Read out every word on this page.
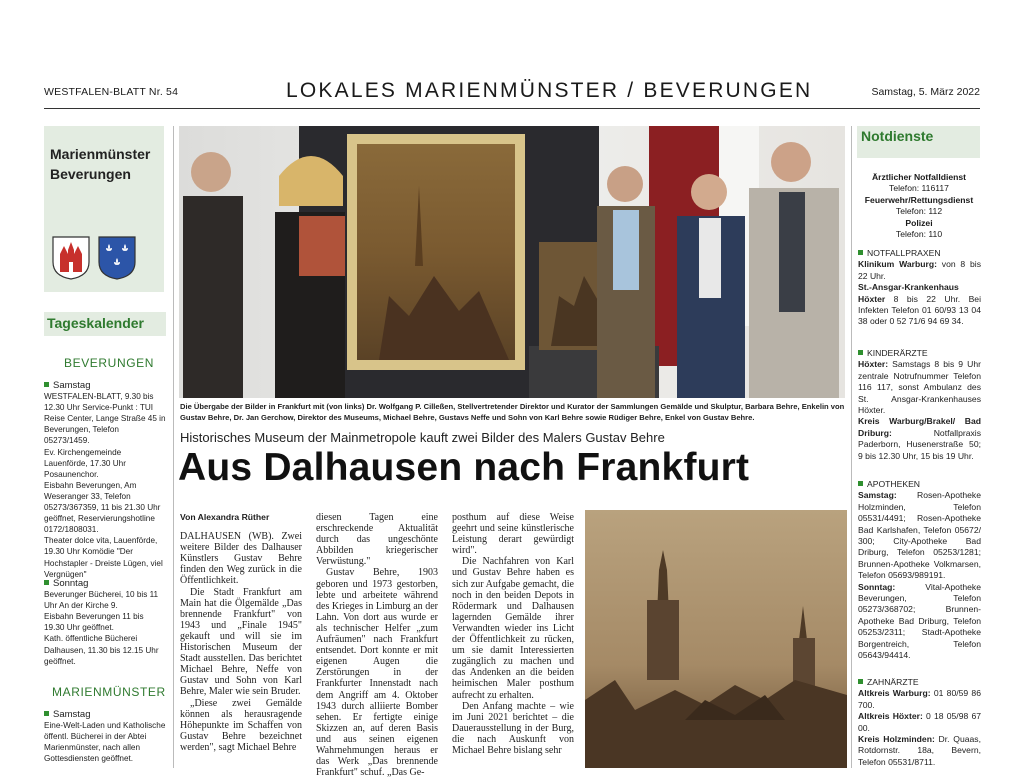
WESTFALEN-BLATT Nr. 54	LOKALES MARIENMÜNSTER / BEVERUNGEN	Samstag, 5. März 2022
Marienmünster
Beverungen
Tageskalender
BEVERUNGEN
Samstag
WESTFALEN-BLATT, 9.30 bis 12.30 Uhr Service-Punkt : TUI Reise Center, Lange Straße 45 in Beverungen, Telefon 05273/1459.
Ev. Kirchengemeinde Lauenförde, 17.30 Uhr Posaunenchor.
Eisbahn Beverungen, Am Weseranger 33, Telefon 05273/367359, 11 bis 21.30 Uhr geöffnet, Reservierungshotline 0172/1808031.
Theater dolce vita, Lauenförde, 19.30 Uhr Komödie "Der Hochstapler - Dreiste Lügen, viel Vergnügen"
Sonntag
Beverunger Bücherei, 10 bis 11 Uhr An der Kirche 9.
Eisbahn Beverungen 11 bis 19.30 Uhr geöffnet.
Kath. öffentliche Bücherei Dalhausen, 11.30 bis 12.15 Uhr geöffnet.
MARIENMÜNSTER
Samstag
Eine-Welt-Laden und Katholische öffentl. Bücherei in der Abtei Marienmünster, nach allen Gottesdiensten geöffnet.
Die Übergabe der Bilder in Frankfurt mit (von links) Dr. Wolfgang P. Cilleßen, Stellvertretender Direktor und Kurator der Sammlungen Gemälde und Skulptur, Barbara Behre, Enkelin von Gustav Behre, Dr. Jan Gerchow, Direktor des Museums, Michael Behre, Gustavs Neffe und Sohn von Karl Behre sowie Rüdiger Behre, Enkel von Gustav Behre.
Historisches Museum der Mainmetropole kauft zwei Bilder des Malers Gustav Behre
Aus Dalhausen nach Frankfurt
Von Alexandra Rüther

DALHAUSEN (WB). Zwei weitere Bilder des Dalhauser Künstlers Gustav Behre finden den Weg zurück in die Öffentlichkeit.

Die Stadt Frankfurt am Main hat die Ölgemälde „Das brennende Frankfurt" von 1943 und „Finale 1945" gekauft und will sie im Historischen Museum der Stadt ausstellen. Das berichtet Michael Behre, Neffe von Gustav und Sohn von Karl Behre, Maler wie sein Bruder.

„Diese zwei Gemälde können als herausragende Höhepunkte im Schaffen von Gustav Behre bezeichnet werden", sagt Michael Behre

diesen Tagen eine erschreckende Aktualität durch das ungeschönte Abbilden kriegerischer Verwüstung."

Gustav Behre, 1903 geboren und 1973 gestorben, lebte und arbeitete während des Krieges in Limburg an der Lahn. Von dort aus wurde er als technischer Helfer „zum Aufräumen" nach Frankfurt entsendet. Dort konnte er mit eigenen Augen die Zerstörungen in der Frankfurter Innenstadt nach dem Angriff am 4. Oktober 1943 durch alliierte Bomber sehen. Er fertigte einige Skizzen an, auf deren Basis und aus seinen eigenen Wahrnehmungen heraus er das Werk „Das brennende Frankfurt" schuf. „Das Ge-

posthum auf diese Weise geehrt und seine künstlerische Leistung derart gewürdigt wird".

Die Nachfahren von Karl und Gustav Behre haben es sich zur Aufgabe gemacht, die noch in den beiden Depots in Rödermark und Dalhausen lagernden Gemälde ihrer Verwandten wieder ins Licht der Öffentlichkeit zu rücken, um sie damit Interessierten zugänglich zu machen und das Andenken an die beiden heimischen Maler posthum aufrecht zu erhalten.

Den Anfang machte – wie im Juni 2021 berichtet – die Dauerausstellung in der Burg, die nach Auskunft von Michael Behre bislang sehr

Notdienste
Ärztlicher Notfalldienst
Telefon: 116117
Feuerwehr/Rettungsdienst
Telefon: 112
Polizei
Telefon: 110
NOTFALLPRAXEN
Klinikum Warburg: von 8 bis 22 Uhr.
St.-Ansgar-Krankenhaus Höxter 8 bis 22 Uhr. Bei Infekten Telefon 01 60/93 13 04 38 oder 0 52 71/6 94 69 34.
KINDERÄRZTE
Höxter: Samstags 8 bis 9 Uhr zentrale Notrufnummer Telefon 116 117, sonst Ambulanz des St. Ansgar-Krankenhauses Höxter.
Kreis Warburg/Brakel/ Bad Driburg: Notfallpraxis Paderborn, Husenerstraße 50; 9 bis 12.30 Uhr, 15 bis 19 Uhr.
APOTHEKEN
Samstag: Rosen-Apotheke Holzminden, Telefon 05531/4491; Rosen-Apotheke Bad Karlshafen, Telefon 05672/ 300; City-Apotheke Bad Driburg, Telefon 05253/1281; Brunnen-Apotheke Volkmarsen, Telefon 05693/989191.
Sonntag: Vital-Apotheke Beverungen, Telefon 05273/368702; Brunnen-Apotheke Bad Driburg, Telefon 05253/2311; Stadt-Apotheke Borgentreich, Telefon 05643/94414.
ZAHNÄRZTE
Altkreis Warburg: 01 80/59 86 700.
Altkreis Höxter: 0 18 05/98 67 00.
Kreis Holzminden: Dr. Quaas, Rotdornstr. 18a, Bevern, Telefon 05531/8711.
